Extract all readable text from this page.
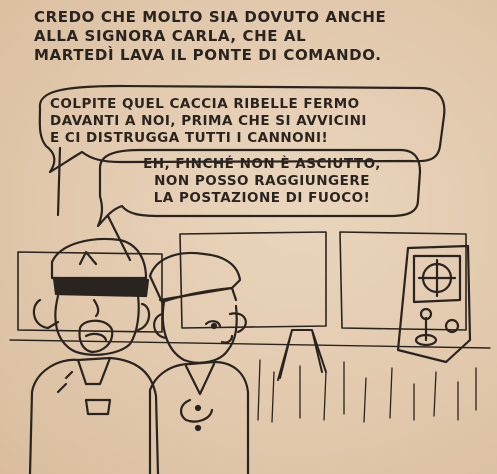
CREDO CHE MOLTO SIA DOVUTO ANCHE
ALLA SIGNORA CARLA, CHE AL
MARTEDÌ LAVA IL PONTE DI COMANDO.
COLPITE QUEL CACCIA RIBELLE FERMO
DAVANTI A NOI, PRIMA CHE SI AVVICINI
E CI DISTRUGGA TUTTI I CANNONI!
EH, FINCHÉ NON È ASCIUTTO,
NON POSSO RAGGIUNGERE
LA POSTAZIONE DI FUOCO!
